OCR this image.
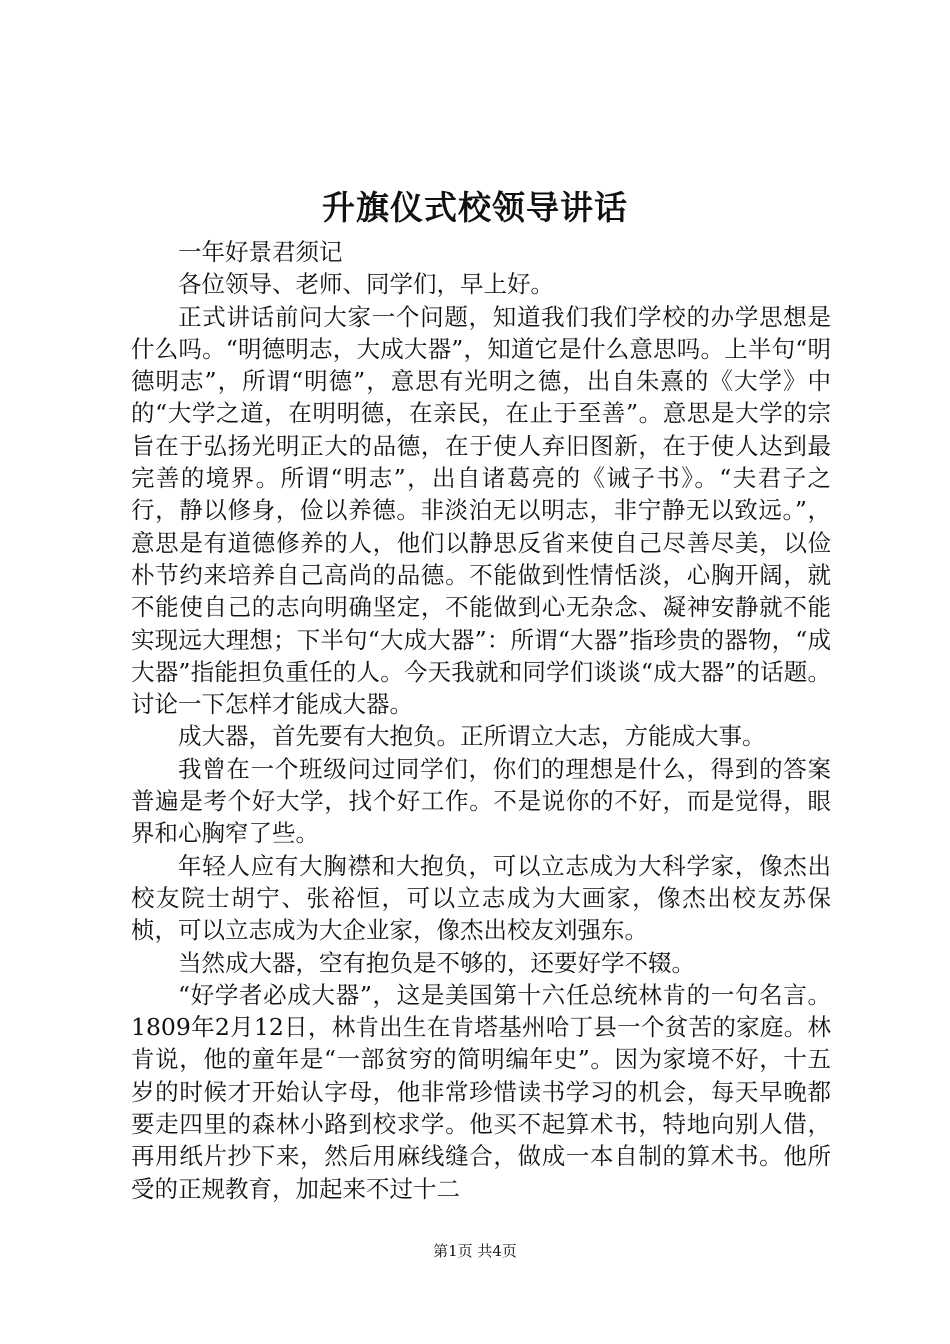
升旗仪式校领导讲话

一年好景君须记

各位领导、老师、同学们，早上好。

正式讲话前问大家一个问题，知道我们我们学校的办学思想是什么吗。“明德明志，大成大器”，知道它是什么意思吗。上半句“明德明志”，所谓“明德”，意思有光明之德，出自朱熹的《大学》中的“大学之道，在明明德，在亲民，在止于至善”。意思是大学的宗旨在于弘扬光明正大的品德，在于使人弃旧图新，在于使人达到最完善的境界。所谓“明志”，出自诸葛亮的《诫子书》。“夫君子之行，静以修身，俭以养德。非淡泊无以明志，非宁静无以致远。”，意思是有道德修养的人，他们以静思反省来使自己尽善尽美，以俭朴节约来培养自己高尚的品德。不能做到性情恬淡，心胸开阔，就不能使自己的志向明确坚定，不能做到心无杂念、凝神安静就不能实现远大理想；下半句“大成大器”：所谓“大器”指珍贵的器物，“成大器”指能担负重任的人。今天我就和同学们谈谈“成大器”的话题。讨论一下怎样才能成大器。

成大器，首先要有大抱负。正所谓立大志，方能成大事。

我曾在一个班级问过同学们，你们的理想是什么，得到的答案普遍是考个好大学，找个好工作。不是说你的不好，而是觉得，眼界和心胸窄了些。

年轻人应有大胸襟和大抱负，可以立志成为大科学家，像杰出校友院士胡宁、张裕恒，可以立志成为大画家，像杰出校友苏保桢，可以立志成为大企业家，像杰出校友刘强东。

当然成大器，空有抱负是不够的，还要好学不辍。

“好学者必成大器”，这是美国第十六任总统林肯的一句名言。1809年2月12日，林肯出生在肯塔基州哈丁县一个贫苦的家庭。林肯说，他的童年是“一部贫穷的简明编年史”。因为家境不好，十五岁的时候才开始认字母，他非常珍惜读书学习的机会，每天早晚都要走四里的森林小路到校求学。他买不起算术书，特地向别人借，再用纸片抄下来，然后用麻线缝合，做成一本自制的算术书。他所受的正规教育，加起来不过十二

第1页 共4页
